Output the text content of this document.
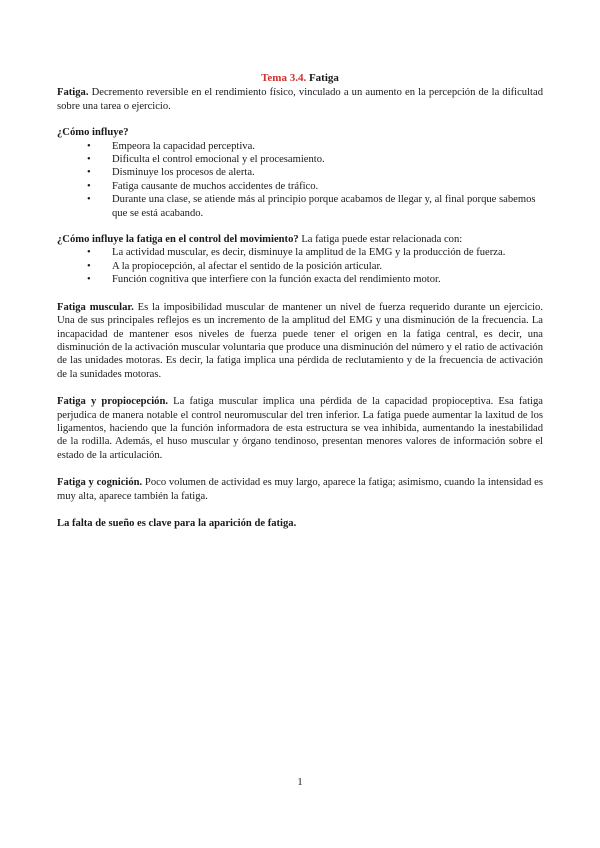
Tema 3.4. Fatiga

Fatiga. Decremento reversible en el rendimiento físico, vinculado a un aumento en la percepción de la dificultad sobre una tarea o ejercicio.

¿Cómo influye?

Empeora la capacidad perceptiva.
Dificulta el control emocional y el procesamiento.
Disminuye los procesos de alerta.
Fatiga causante de muchos accidentes de tráfico.
Durante una clase, se atiende más al principio porque acabamos de llegar y, al final porque sabemos que se está acabando.

¿Cómo influye la fatiga en el control del movimiento? La fatiga puede estar relacionada con:

La actividad muscular, es decir, disminuye la amplitud de la EMG y la producción de fuerza.
A la propiocepción, al afectar el sentido de la posición articular.
Función cognitiva que interfiere con la función exacta del rendimiento motor.

Fatiga muscular. Es la imposibilidad muscular de mantener un nivel de fuerza requerido durante un ejercicio. Una de sus principales reflejos es un incremento de la amplitud del EMG y una disminución de la frecuencia. La incapacidad de mantener esos niveles de fuerza puede tener el origen en la fatiga central, es decir, una disminución de la activación muscular voluntaria que produce una disminución del número y el ratio de activación de las unidades motoras. Es decir, la fatiga implica una pérdida de reclutamiento y de la frecuencia de activación de la sunidades motoras.

Fatiga y propiocepción. La fatiga muscular implica una pérdida de la capacidad propioceptiva. Esa fatiga perjudica de manera notable el control neuromuscular del tren inferior. La fatiga puede aumentar la laxitud de los ligamentos, haciendo que la función informadora de esta estructura se vea inhibida, aumentando la inestabilidad de la rodilla. Además, el huso muscular y órgano tendinoso, presentan menores valores de información sobre el estado de la articulación.

Fatiga y cognición. Poco volumen de actividad es muy largo, aparece la fatiga; asimismo, cuando la intensidad es muy alta, aparece también la fatiga.

La falta de sueño es clave para la aparición de fatiga.

1
